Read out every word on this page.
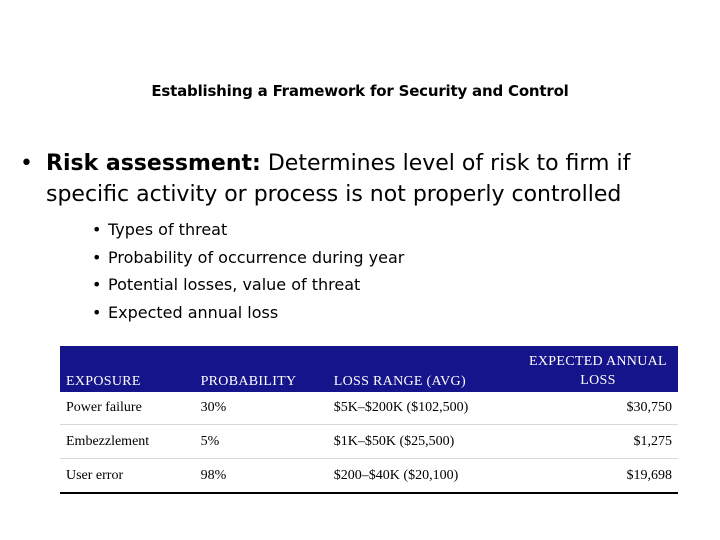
Establishing a Framework for Security and Control
• Risk assessment: Determines level of risk to firm if specific activity or process is not properly controlled
• Types of threat
• Probability of occurrence during year
• Potential losses, value of threat
• Expected annual loss
EXPOSURE	PROBABILITY	LOSS RANGE (AVG)	EXPECTED ANNUAL LOSS
Power failure	30%	$5K–$200K ($102,500)	$30,750
Embezzlement	5%	$1K–$50K ($25,500)	$1,275
User error	98%	$200–$40K ($20,100)	$19,698
